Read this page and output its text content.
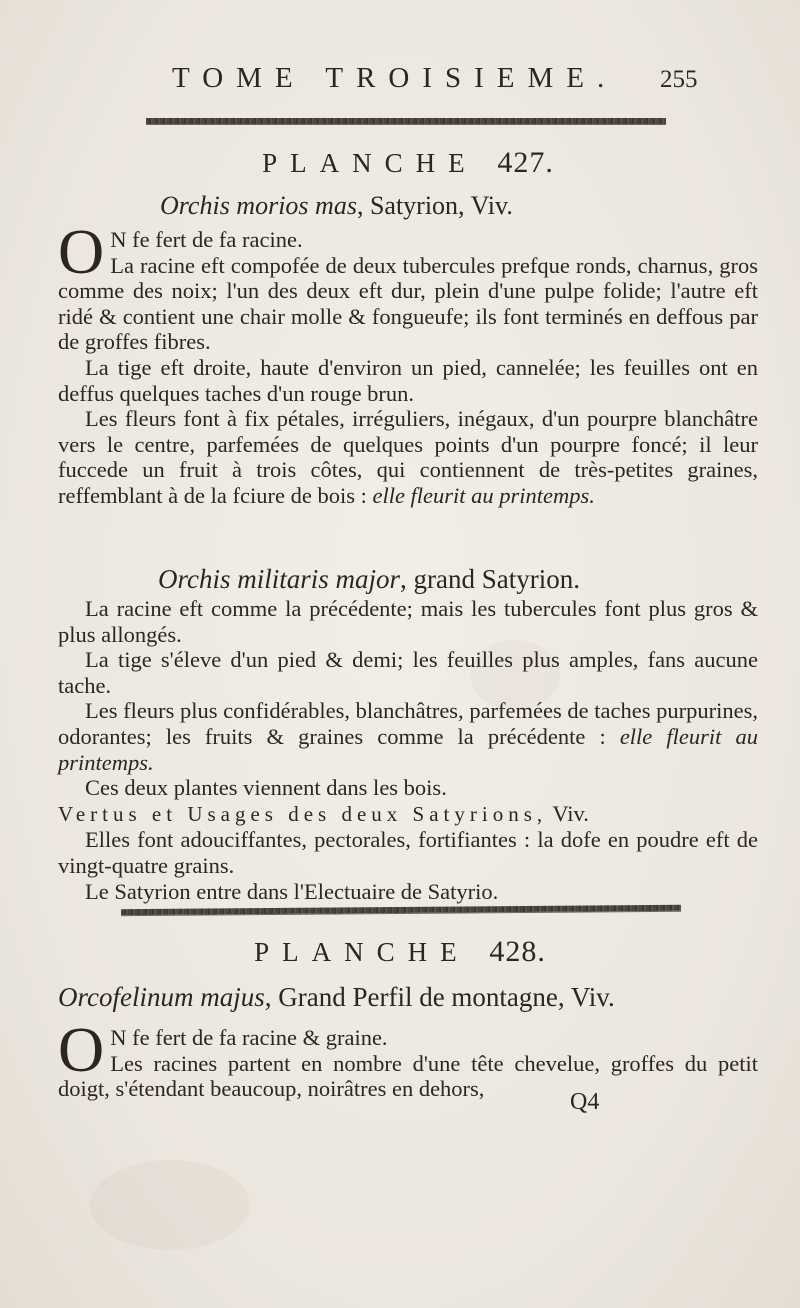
TOME TROISIEME. 255
PLANCHE 427.
Orchis morios mas, Satyrion, Viv.

O N fe fert de fa racine.

La racine eft compofée de deux tubercules prefque ronds, charnus, gros comme des noix; l'un des deux eft dur, plein d'une pulpe folide; l'autre eft ridé & contient une chair molle & fongueufe; ils font terminés en deffous par de groffes fibres.

La tige eft droite, haute d'environ un pied, cannelée; les feuilles ont en deffus quelques taches d'un rouge brun.

Les fleurs font à fix pétales, irréguliers, inégaux, d'un pourpre blanchâtre vers le centre, parfemées de quelques points d'un pourpre foncé; il leur fuccede un fruit à trois côtes, qui contiennent de très-petites graines, reffemblant à de la fciure de bois : elle fleurit au printemps.

Orchis militaris major, grand Satyrion.

La racine eft comme la précédente; mais les tubercules font plus gros & plus allongés.

La tige s'éleve d'un pied & demi; les feuilles plus amples, fans aucune tache.

Les fleurs plus confidérables, blanchâtres, parfemées de taches purpurines, odorantes; les fruits & graines comme la précédente : elle fleurit au printemps.

Ces deux plantes viennent dans les bois.

Vertus et Usages des deux Satyrions, Viv.

Elles font adouciffantes, pectorales, fortifiantes : la dofe en poudre eft de vingt-quatre grains.

Le Satyrion entre dans l'Electuaire de Satyrio.

PLANCHE 428.
Orcofelinum majus, Grand Perfil de montagne, Viv.

O N fe fert de fa racine & graine.

Les racines partent en nombre d'une tête chevelue, groffes du petit doigt, s'étendant beaucoup, noirâtres en dehors,

Q4
